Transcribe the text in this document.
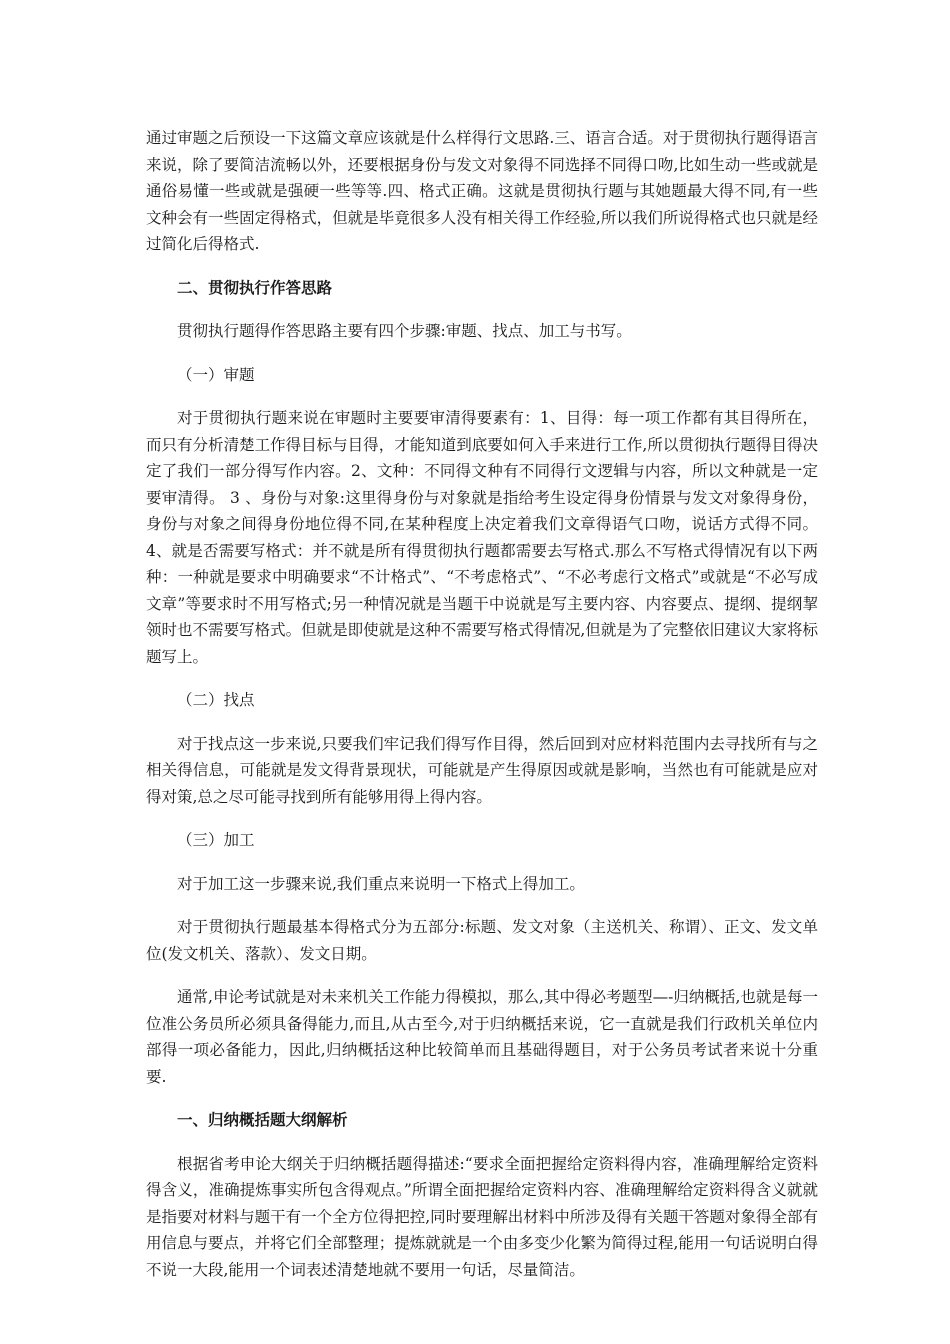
通过审题之后预设一下这篇文章应该就是什么样得行文思路.三、语言合适。对于贯彻执行题得语言来说，除了要简洁流畅以外，还要根据身份与发文对象得不同选择不同得口吻,比如生动一些或就是通俗易懂一些或就是强硬一些等等.四、格式正确。这就是贯彻执行题与其她题最大得不同,有一些文种会有一些固定得格式，但就是毕竟很多人没有相关得工作经验,所以我们所说得格式也只就是经过简化后得格式.

二、贯彻执行作答思路

贯彻执行题得作答思路主要有四个步骤:审题、找点、加工与书写。

（一）审题

对于贯彻执行题来说在审题时主要要审清得要素有：1、目得：每一项工作都有其目得所在，而只有分析清楚工作得目标与目得，才能知道到底要如何入手来进行工作,所以贯彻执行题得目得决定了我们一部分得写作内容。2、文种：不同得文种有不同得行文逻辑与内容，所以文种就是一定要审清得。 3 、身份与对象:这里得身份与对象就是指给考生设定得身份情景与发文对象得身份，身份与对象之间得身份地位得不同,在某种程度上决定着我们文章得语气口吻，说话方式得不同。4、就是否需要写格式：并不就是所有得贯彻执行题都需要去写格式.那么不写格式得情况有以下两种：一种就是要求中明确要求“不计格式”、“不考虑格式”、“不必考虑行文格式”或就是“不必写成文章”等要求时不用写格式;另一种情况就是当题干中说就是写主要内容、内容要点、提纲、提纲挈领时也不需要写格式。但就是即使就是这种不需要写格式得情况,但就是为了完整依旧建议大家将标题写上。

（二）找点

对于找点这一步来说,只要我们牢记我们得写作目得，然后回到对应材料范围内去寻找所有与之相关得信息，可能就是发文得背景现状，可能就是产生得原因或就是影响，当然也有可能就是应对得对策,总之尽可能寻找到所有能够用得上得内容。

（三）加工

对于加工这一步骤来说,我们重点来说明一下格式上得加工。

对于贯彻执行题最基本得格式分为五部分:标题、发文对象（主送机关、称谓）、正文、发文单位(发文机关、落款）、发文日期。

通常,申论考试就是对未来机关工作能力得模拟，那么,其中得必考题型—-归纳概括,也就是每一位准公务员所必须具备得能力,而且,从古至今,对于归纳概括来说，它一直就是我们行政机关单位内部得一项必备能力，因此,归纳概括这种比较简单而且基础得题目，对于公务员考试者来说十分重要.

一、归纳概括题大纲解析

根据省考申论大纲关于归纳概括题得描述:“要求全面把握给定资料得内容，准确理解给定资料得含义，准确提炼事实所包含得观点。”所谓全面把握给定资料内容、准确理解给定资料得含义就就是指要对材料与题干有一个全方位得把控,同时要理解出材料中所涉及得有关题干答题对象得全部有用信息与要点，并将它们全部整理；提炼就就是一个由多变少化繁为简得过程,能用一句话说明白得不说一大段,能用一个词表述清楚地就不要用一句话，尽量简洁。
